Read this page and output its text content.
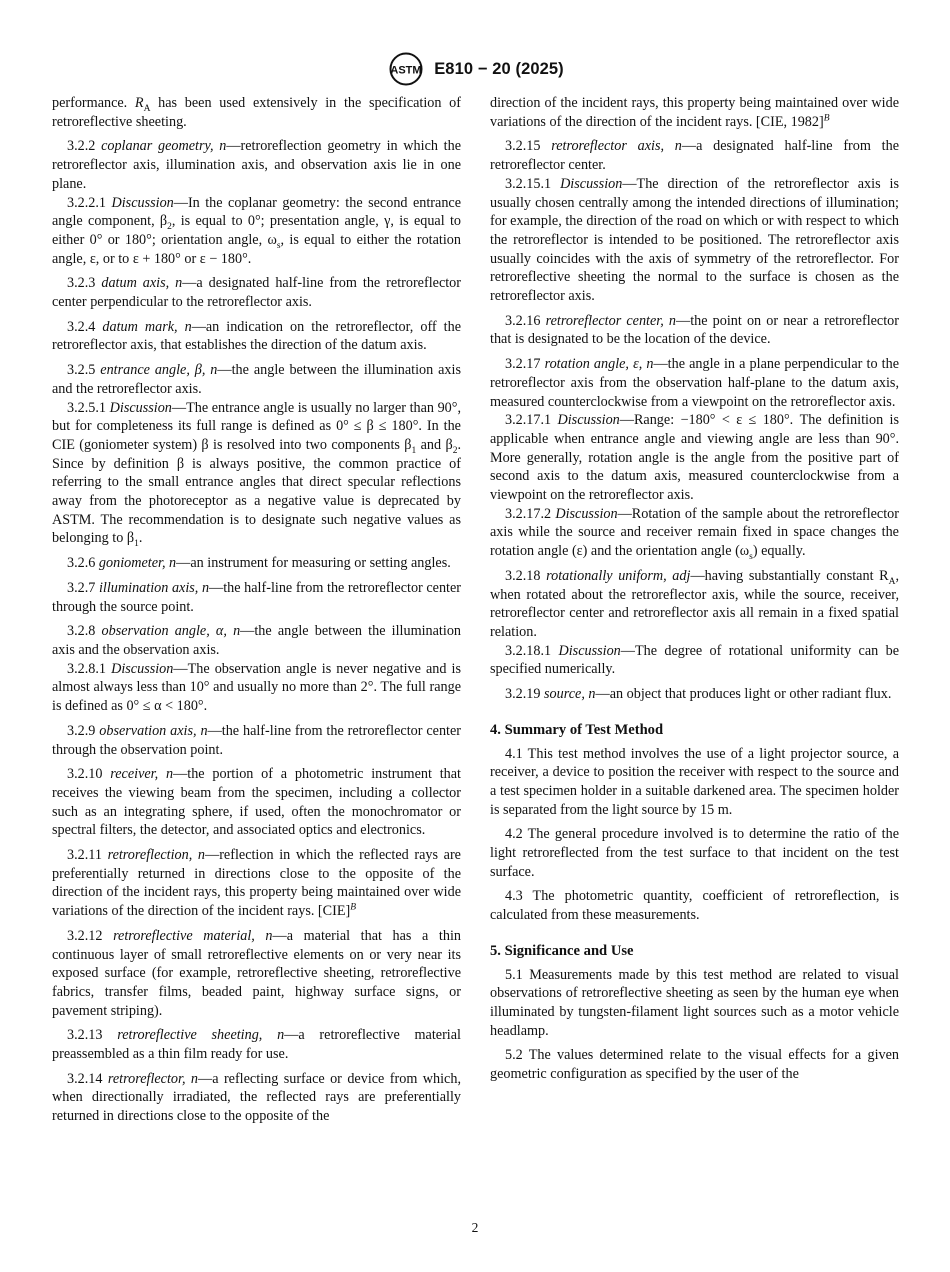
ASTM E810 − 20 (2025)

performance. $R_A$ has been used extensively in the specification of retroreflective sheeting.

3.2.2 coplanar geometry, n—retroreflection geometry in which the retroreflector axis, illumination axis, and observation axis lie in one plane.

3.2.2.1 Discussion—In the coplanar geometry: the second entrance angle component, $\beta_2$, is equal to 0°; presentation angle, γ, is equal to either 0° or 180°; orientation angle, $\omega_s$, is equal to either the rotation angle, ε, or to ε + 180° or ε − 180°.

3.2.3 datum axis, n—a designated half-line from the retroreflector center perpendicular to the retroreflector axis.

3.2.4 datum mark, n—an indication on the retroreflector, off the retroreflector axis, that establishes the direction of the datum axis.

3.2.5 entrance angle, β, n—the angle between the illumination axis and the retroreflector axis.

3.2.5.1 Discussion—The entrance angle is usually no larger than 90°, but for completeness its full range is defined as 0° ≤ β ≤ 180°. In the CIE (goniometer system) β is resolved into two components $\beta_1$ and $\beta_2$. Since by definition β is always positive, the common practice of referring to the small entrance angles that direct specular reflections away from the photoreceptor as a negative value is deprecated by ASTM. The recommendation is to designate such negative values as belonging to $\beta_1$.

3.2.6 goniometer, n—an instrument for measuring or setting angles.

3.2.7 illumination axis, n—the half-line from the retroreflector center through the source point.

3.2.8 observation angle, α, n—the angle between the illumination axis and the observation axis.

3.2.8.1 Discussion—The observation angle is never negative and is almost always less than 10° and usually no more than 2°. The full range is defined as 0° ≤ α < 180°.

3.2.9 observation axis, n—the half-line from the retroreflector center through the observation point.

3.2.10 receiver, n—the portion of a photometric instrument that receives the viewing beam from the specimen, including a collector such as an integrating sphere, if used, often the monochromator or spectral filters, the detector, and associated optics and electronics.

3.2.11 retroreflection, n—reflection in which the reflected rays are preferentially returned in directions close to the opposite of the direction of the incident rays, this property being maintained over wide variations of the direction of the incident rays. [CIE]$^B$

3.2.12 retroreflective material, n—a material that has a thin continuous layer of small retroreflective elements on or very near its exposed surface (for example, retroreflective sheeting, retroreflective fabrics, transfer films, beaded paint, highway surface signs, or pavement striping).

3.2.13 retroreflective sheeting, n—a retroreflective material preassembled as a thin film ready for use.

3.2.14 retroreflector, n—a reflecting surface or device from which, when directionally irradiated, the reflected rays are preferentially returned in directions close to the opposite of the

direction of the incident rays, this property being maintained over wide variations of the direction of the incident rays. [CIE, 1982]$^B$

3.2.15 retroreflector axis, n—a designated half-line from the retroreflector center.

3.2.15.1 Discussion—The direction of the retroreflector axis is usually chosen centrally among the intended directions of illumination; for example, the direction of the road on which or with respect to which the retroreflector is intended to be positioned. The retroreflector axis usually coincides with the axis of symmetry of the retroreflector. For retroreflective sheeting the normal to the surface is chosen as the retroreflector axis.

3.2.16 retroreflector center, n—the point on or near a retroreflector that is designated to be the location of the device.

3.2.17 rotation angle, ε, n—the angle in a plane perpendicular to the retroreflector axis from the observation half-plane to the datum axis, measured counterclockwise from a viewpoint on the retroreflector axis.

3.2.17.1 Discussion—Range: −180° < ε ≤ 180°. The definition is applicable when entrance angle and viewing angle are less than 90°. More generally, rotation angle is the angle from the positive part of second axis to the datum axis, measured counterclockwise from a viewpoint on the retroreflector axis.

3.2.17.2 Discussion—Rotation of the sample about the retroreflector axis while the source and receiver remain fixed in space changes the rotation angle (ε) and the orientation angle $(\omega_s)$ equally.

3.2.18 rotationally uniform, adj—having substantially constant $R_A$, when rotated about the retroreflector axis, while the source, receiver, retroreflector center and retroreflector axis all remain in a fixed spatial relation.

3.2.18.1 Discussion—The degree of rotational uniformity can be specified numerically.

3.2.19 source, n—an object that produces light or other radiant flux.

4. Summary of Test Method

4.1 This test method involves the use of a light projector source, a receiver, a device to position the receiver with respect to the source and a test specimen holder in a suitable darkened area. The specimen holder is separated from the light source by 15 m.

4.2 The general procedure involved is to determine the ratio of the light retroreflected from the test surface to that incident on the test surface.

4.3 The photometric quantity, coefficient of retroreflection, is calculated from these measurements.

5. Significance and Use

5.1 Measurements made by this test method are related to visual observations of retroreflective sheeting as seen by the human eye when illuminated by tungsten-filament light sources such as a motor vehicle headlamp.

5.2 The values determined relate to the visual effects for a given geometric configuration as specified by the user of the

2
